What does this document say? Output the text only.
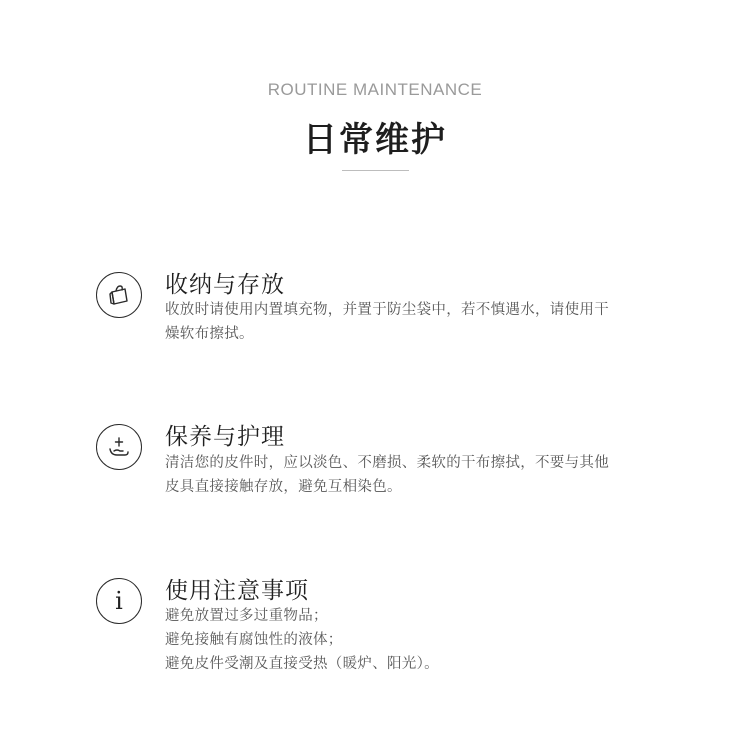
ROUTINE MAINTENANCE
日常维护
收纳与存放
收放时请使用内置填充物，并置于防尘袋中，若不慎遇水，请使用干
燥软布擦拭。
保养与护理
清洁您的皮件时，应以淡色、不磨损、柔软的干布擦拭，不要与其他
皮具直接接触存放，避免互相染色。
i 使用注意事项
避免放置过多过重物品；
避免接触有腐蚀性的液体；
避免皮件受潮及直接受热（暖炉、阳光）。
